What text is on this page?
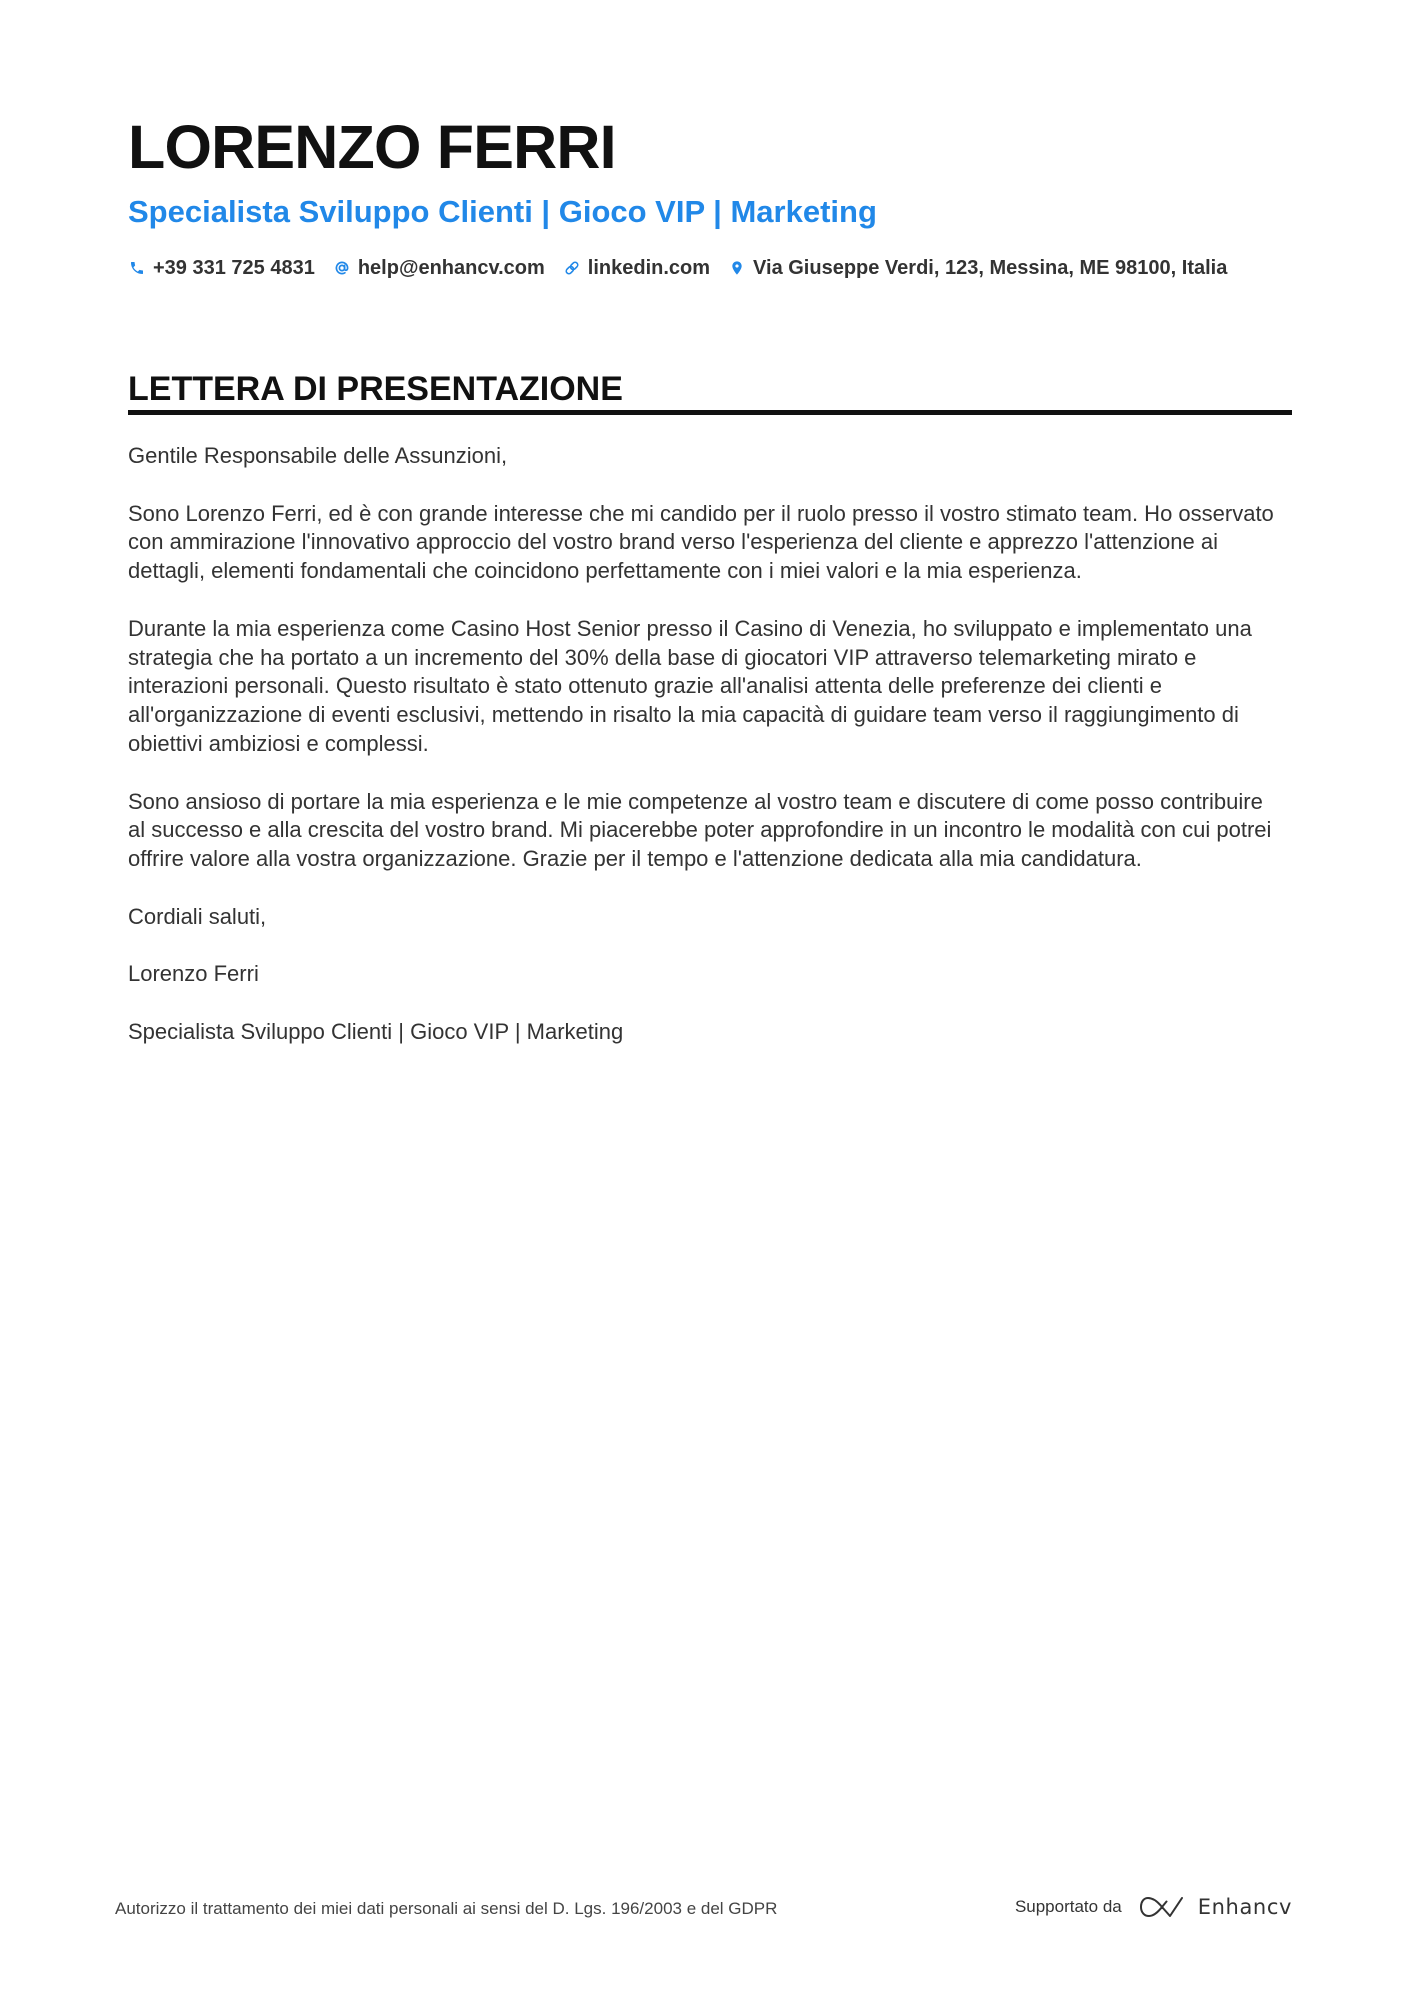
LORENZO FERRI
Specialista Sviluppo Clienti | Gioco VIP | Marketing
+39 331 725 4831 help@enhancv.com linkedin.com Via Giuseppe Verdi, 123, Messina, ME 98100, Italia
LETTERA DI PRESENTAZIONE

Gentile Responsabile delle Assunzioni,

Sono Lorenzo Ferri, ed è con grande interesse che mi candido per il ruolo presso il vostro stimato team. Ho osservato
con ammirazione l'innovativo approccio del vostro brand verso l'esperienza del cliente e apprezzo l'attenzione ai
dettagli, elementi fondamentali che coincidono perfettamente con i miei valori e la mia esperienza.

Durante la mia esperienza come Casino Host Senior presso il Casino di Venezia, ho sviluppato e implementato una
strategia che ha portato a un incremento del 30% della base di giocatori VIP attraverso telemarketing mirato e
interazioni personali. Questo risultato è stato ottenuto grazie all'analisi attenta delle preferenze dei clienti e
all'organizzazione di eventi esclusivi, mettendo in risalto la mia capacità di guidare team verso il raggiungimento di
obiettivi ambiziosi e complessi.

Sono ansioso di portare la mia esperienza e le mie competenze al vostro team e discutere di come posso contribuire
al successo e alla crescita del vostro brand. Mi piacerebbe poter approfondire in un incontro le modalità con cui potrei
offrire valore alla vostra organizzazione. Grazie per il tempo e l'attenzione dedicata alla mia candidatura.

Cordiali saluti,

Lorenzo Ferri

Specialista Sviluppo Clienti | Gioco VIP | Marketing

Autorizzo il trattamento dei miei dati personali ai sensi del D. Lgs. 196/2003 e del GDPR	Supportato da	Enhancv
